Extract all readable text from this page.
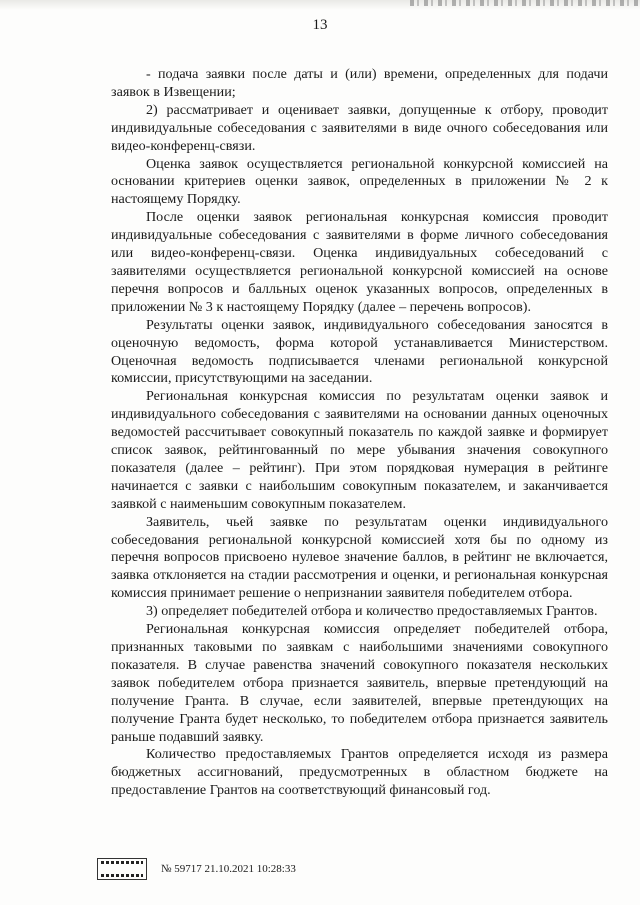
13

- подача заявки после даты и (или) времени, определенных для подачи заявок в Извещении;

2) рассматривает и оценивает заявки, допущенные к отбору, проводит индивидуальные собеседования с заявителями в виде очного собеседования или видео-конференц-связи.

Оценка заявок осуществляется региональной конкурсной комиссией на основании критериев оценки заявок, определенных в приложении № 2 к настоящему Порядку.

После оценки заявок региональная конкурсная комиссия проводит индивидуальные собеседования с заявителями в форме личного собеседования или видео-конференц-связи. Оценка индивидуальных собеседований с заявителями осуществляется региональной конкурсной комиссией на основе перечня вопросов и балльных оценок указанных вопросов, определенных в приложении № 3 к настоящему Порядку (далее – перечень вопросов).

Результаты оценки заявок, индивидуального собеседования заносятся в оценочную ведомость, форма которой устанавливается Министерством. Оценочная ведомость подписывается членами региональной конкурсной комиссии, присутствующими на заседании.

Региональная конкурсная комиссия по результатам оценки заявок и индивидуального собеседования с заявителями на основании данных оценочных ведомостей рассчитывает совокупный показатель по каждой заявке и формирует список заявок, рейтингованный по мере убывания значения совокупного показателя (далее – рейтинг). При этом порядковая нумерация в рейтинге начинается с заявки с наибольшим совокупным показателем, и заканчивается заявкой с наименьшим совокупным показателем.

Заявитель, чьей заявке по результатам оценки индивидуального собеседования региональной конкурсной комиссией хотя бы по одному из перечня вопросов присвоено нулевое значение баллов, в рейтинг не включается, заявка отклоняется на стадии рассмотрения и оценки, и региональная конкурсная комиссия принимает решение о непризнании заявителя победителем отбора.

3) определяет победителей отбора и количество предоставляемых Грантов.

Региональная конкурсная комиссия определяет победителей отбора, признанных таковыми по заявкам с наибольшими значениями совокупного показателя. В случае равенства значений совокупного показателя нескольких заявок победителем отбора признается заявитель, впервые претендующий на получение Гранта. В случае, если заявителей, впервые претендующих на получение Гранта будет несколько, то победителем отбора признается заявитель раньше подавший заявку.

Количество предоставляемых Грантов определяется исходя из размера бюджетных ассигнований, предусмотренных в областном бюджете на предоставление Грантов на соответствующий финансовый год.

№ 59717 21.10.2021 10:28:33
